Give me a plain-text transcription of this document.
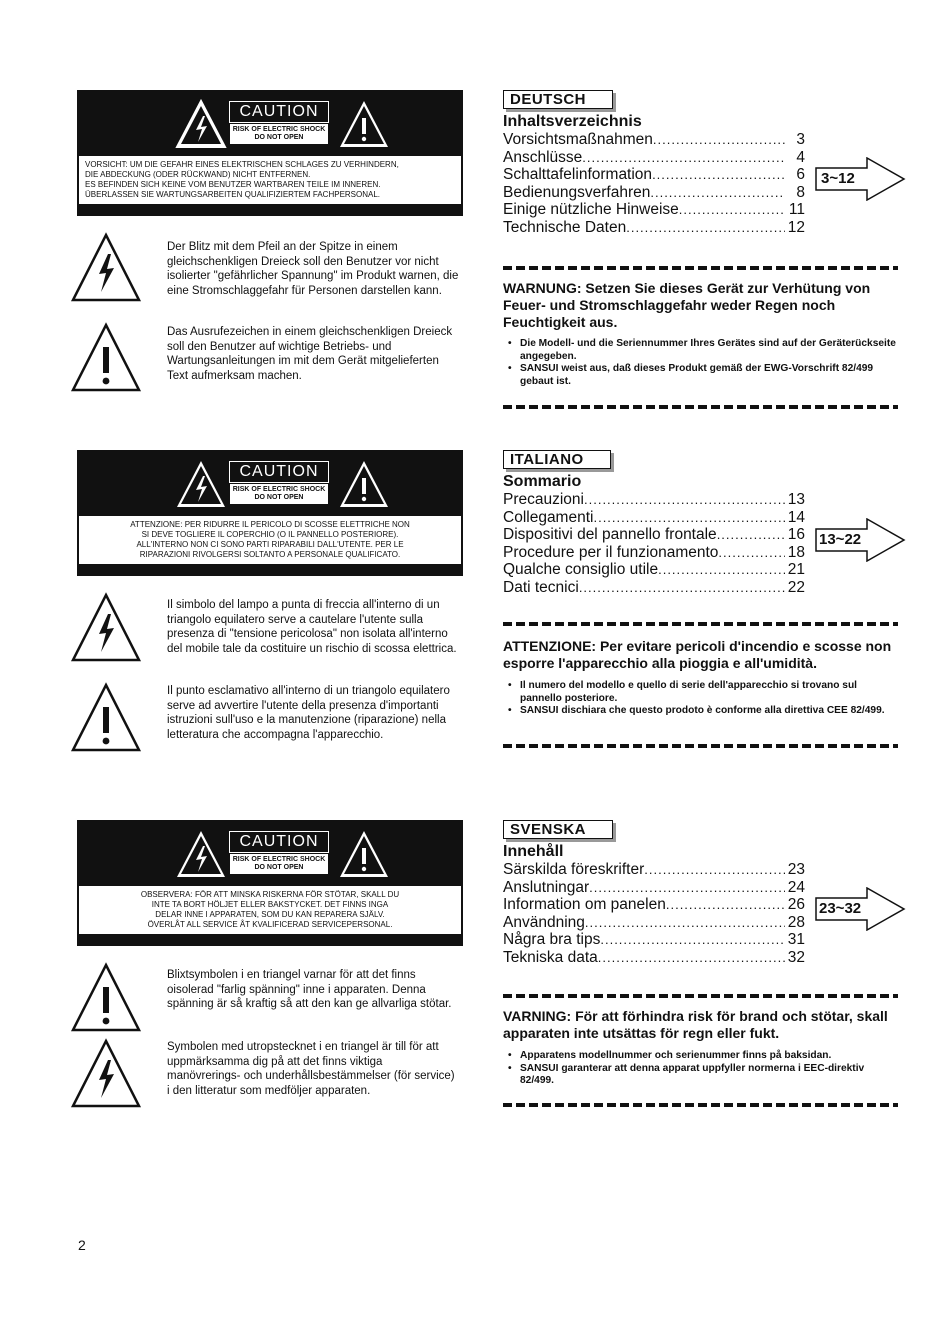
CAUTION
RISK OF ELECTRIC SHOCK
DO NOT OPEN

VORSICHT: UM DIE GEFAHR EINES ELEKTRISCHEN SCHLAGES ZU VERHINDERN,

DIE ABDECKUNG (ODER RÜCKWAND) NICHT ENTFERNEN.

ES BEFINDEN SICH KEINE VOM BENUTZER WARTBAREN TEILE IM INNEREN.

ÜBERLASSEN SIE WARTUNGSARBEITEN QUALIFIZIERTEM FACHPERSONAL.

Der Blitz mit dem Pfeil an der Spitze in einem gleichschenkligen Dreieck soll den Benutzer vor nicht isolierter "gefährlicher Spannung" im Produkt warnen, die eine Stromschlaggefahr für Personen darstellen kann.
Das Ausrufezeichen in einem gleichschenkligen Dreieck soll den Benutzer auf wichtige Betriebs- und Wartungsanleitungen im mit dem Gerät mitgelieferten Text aufmerksam machen.
CAUTION
RISK OF ELECTRIC SHOCK
DO NOT OPEN

ATTENZIONE: PER RIDURRE IL PERICOLO DI SCOSSE ELETTRICHE NON

SI DEVE TOGLIERE IL COPERCHIO (O IL PANNELLO POSTERIORE).

ALL'INTERNO NON CI SONO PARTI RIPARABILI DALL'UTENTE. PER LE

RIPARAZIONI RIVOLGERSI SOLTANTO A PERSONALE QUALIFICATO.

Il simbolo del lampo a punta di freccia all'interno di un triangolo equilatero serve a cautelare l'utente sulla presenza di "tensione pericolosa" non isolata all'interno del mobile tale da costituire un rischio di scossa elettrica.
Il punto esclamativo all'interno di un triangolo equilatero serve ad avvertire l'utente della presenza d'importanti istruzioni sull'uso e la manutenzione (riparazione) nella letteratura che accompagna l'apparecchio.
CAUTION
RISK OF ELECTRIC SHOCK
DO NOT OPEN

OBSERVERA: FÖR ATT MINSKA RISKERNA FÖR STÖTAR, SKALL DU

INTE TA BORT HÖLJET ELLER BAKSTYCKET. DET FINNS INGA

DELAR INNE I APPARATEN, SOM DU KAN REPARERA SJÄLV.

ÖVERLÅT ALL SERVICE ÅT KVALIFICERAD SERVICEPERSONAL.

Blixtsymbolen i en triangel varnar för att det finns oisolerad "farlig spänning" inne i apparaten. Denna spänning är så kraftig så att den kan ge allvarliga stötar.
Symbolen med utropstecknet i en triangel är till för att uppmärksamma dig på att det finns viktiga manövrerings- och underhållsbestämmelser (för service) i den litteratur som medföljer apparaten.
DEUTSCH
Inhaltsverzeichnis
Vorsichtsmaßnahmen .....	3
Anschlüsse .....	4
Schalttafelinformation .....	6
Bedienungsverfahren .....	8
Einige nützliche Hinweise .....	11
Technische Daten .....	12
3~12
WARNUNG: Setzen Sie dieses Gerät zur Verhütung von Feuer- und Stromschlaggefahr weder Regen noch Feuchtigkeit aus.
• Die Modell- und die Seriennummer Ihres Gerätes sind auf der Geräterückseite angegeben.
• SANSUI weist aus, daß dieses Produkt gemäß der EWG-Vorschrift 82/499 gebaut ist.
ITALIANO
Sommario
Precauzioni .....	13
Collegamenti .....	14
Dispositivi del pannello frontale .....	16
Procedure per il funzionamento .....	18
Qualche consiglio utile .....	21
Dati tecnici .....	22
13~22
ATTENZIONE: Per evitare pericoli d'incendio e scosse non esporre l'apparecchio alla pioggia e all'umidità.
• Il numero del modello e quello di serie dell'apparecchio si trovano sul pannello posteriore.
• SANSUI dischiara che questo prodoto è conforme alla direttiva CEE 82/499.
SVENSKA
Innehåll
Särskilda föreskrifter .....	23
Anslutningar .....	24
Information om panelen .....	26
Användning .....	28
Några bra tips .....	31
Tekniska data .....	32
23~32
VARNING: För att förhindra risk för brand och stötar, skall apparaten inte utsättas för regn eller fukt.
• Apparatens modellnummer och serienummer finns på baksidan.
• SANSUI garanterar att denna apparat uppfyller normerna i EEC-direktiv 82/499.
2
